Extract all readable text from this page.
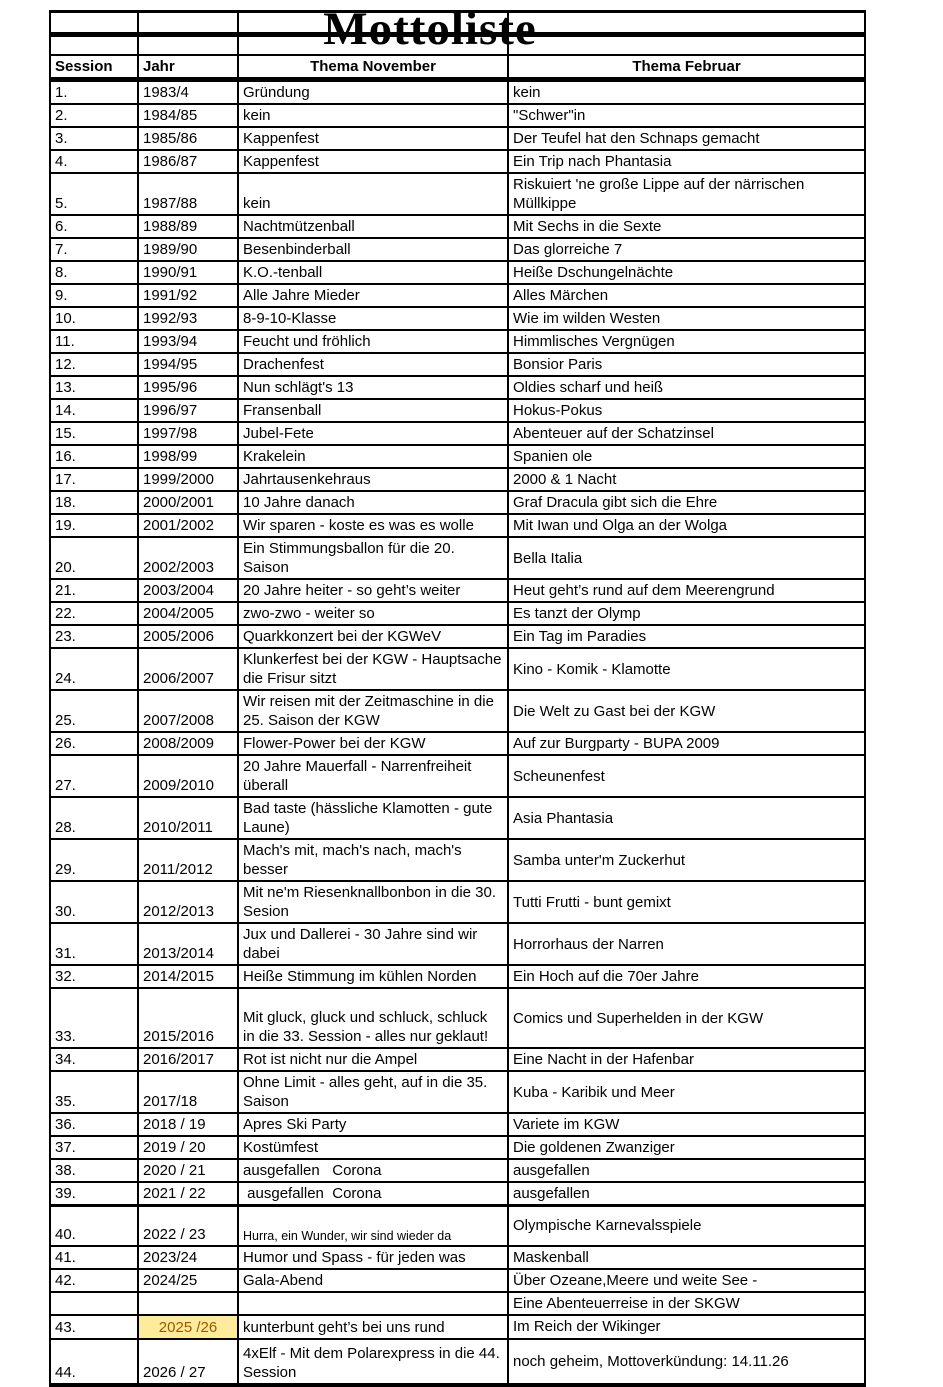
Mottoliste

Session	Jahr	Thema November	Thema Februar
1.	1983/4	Gründung	kein
2.	1984/85	kein	"Schwer"in
3.	1985/86	Kappenfest	Der Teufel hat den Schnaps gemacht
4.	1986/87	Kappenfest	Ein Trip nach Phantasia
5.	1987/88	kein	Riskuiert 'ne große Lippe auf der närrischen Müllkippe
6.	1988/89	Nachtmützenball	Mit Sechs in die Sexte
7.	1989/90	Besenbinderball	Das glorreiche 7
8.	1990/91	K.O.-tenball	Heiße Dschungelnächte
9.	1991/92	Alle Jahre Mieder	Alles Märchen
10.	1992/93	8-9-10-Klasse	Wie im wilden Westen
11.	1993/94	Feucht und fröhlich	Himmlisches Vergnügen
12.	1994/95	Drachenfest	Bonsior Paris
13.	1995/96	Nun schlägt's 13	Oldies scharf und heiß
14.	1996/97	Fransenball	Hokus-Pokus
15.	1997/98	Jubel-Fete	Abenteuer auf der Schatzinsel
16.	1998/99	Krakelein	Spanien ole
17.	1999/2000	Jahrtausenkehraus	2000 & 1 Nacht
18.	2000/2001	10 Jahre danach	Graf Dracula gibt sich die Ehre
19.	2001/2002	Wir sparen - koste es was es wolle	Mit Iwan und Olga an der Wolga
20.	2002/2003	Ein Stimmungsballon für die 20. Saison	Bella Italia
21.	2003/2004	20 Jahre heiter - so geht’s weiter	Heut geht’s rund auf dem Meerengrund
22.	2004/2005	zwo-zwo - weiter so	Es tanzt der Olymp
23.	2005/2006	Quarkkonzert bei der KGWeV	Ein Tag im Paradies
24.	2006/2007	Klunkerfest bei der KGW - Hauptsache die Frisur sitzt	Kino - Komik - Klamotte
25.	2007/2008	Wir reisen mit der Zeitmaschine in die 25. Saison der KGW	Die Welt zu Gast bei der KGW
26.	2008/2009	Flower-Power bei der KGW	Auf zur Burgparty - BUPA 2009
27.	2009/2010	20 Jahre Mauerfall - Narrenfreiheit überall	Scheunenfest
28.	2010/2011	Bad taste (hässliche Klamotten - gute Laune)	Asia Phantasia
29.	2011/2012	Mach's mit, mach's nach, mach's besser	Samba unter'm Zuckerhut
30.	2012/2013	Mit ne'm Riesenknallbonbon in die 30. Sesion	Tutti Frutti - bunt gemixt
31.	2013/2014	Jux und Dallerei - 30 Jahre sind wir dabei	Horrorhaus der Narren
32.	2014/2015	Heiße Stimmung im kühlen Norden	Ein Hoch auf die 70er Jahre
33.	2015/2016	Mit gluck, gluck und schluck, schluck in die 33. Session - alles nur geklaut!	Comics und Superhelden in der KGW
34.	2016/2017	Rot ist nicht nur die Ampel	Eine Nacht in der Hafenbar
35.	2017/18	Ohne Limit - alles geht, auf in die 35. Saison	Kuba - Karibik und Meer
36.	2018 / 19	Apres Ski Party	Variete im KGW
37.	2019 / 20	Kostümfest	Die goldenen Zwanziger
38.	2020 / 21	ausgefallen   Corona	ausgefallen
39.	2021 / 22	ausgefallen  Corona	ausgefallen
40.	2022 / 23	Hurra, ein Wunder, wir sind wieder da	Olympische Karnevalsspiele
41.	2023/24	Humor und Spass - für jeden was	Maskenball
42.	2024/25	Gala-Abend	Über Ozeane,Meere und weite See -
			Eine Abenteuerreise in der SKGW
43.	2025 /26	kunterbunt geht’s bei uns rund	Im Reich der Wikinger
44.	2026 / 27	4xElf - Mit dem Polarexpress in die 44. Session	noch geheim, Mottoverkündung: 14.11.26
